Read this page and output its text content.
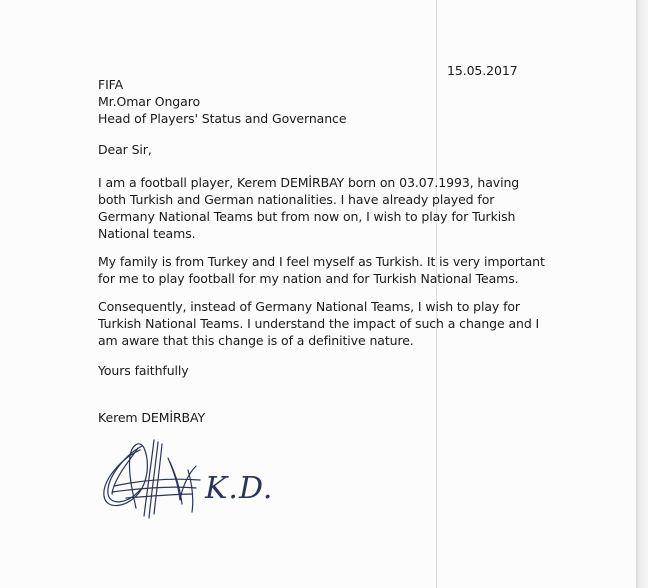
15.05.2017
FIFA
Mr.Omar Ongaro
Head of Players' Status and Governance
Dear Sir,
I am a football player, Kerem DEMİRBAY born on 03.07.1993, having
both Turkish and German nationalities. I have already played for
Germany National Teams but from now on, I wish to play for Turkish
National teams.
My family is from Turkey and I feel myself as Turkish. It is very important
for me to play football for my nation and for Turkish National Teams.
Consequently, instead of Germany National Teams, I wish to play for
Turkish National Teams. I understand the impact of such a change and I
am aware that this change is of a definitive nature.
Yours faithfully
Kerem DEMİRBAY
K.D.
